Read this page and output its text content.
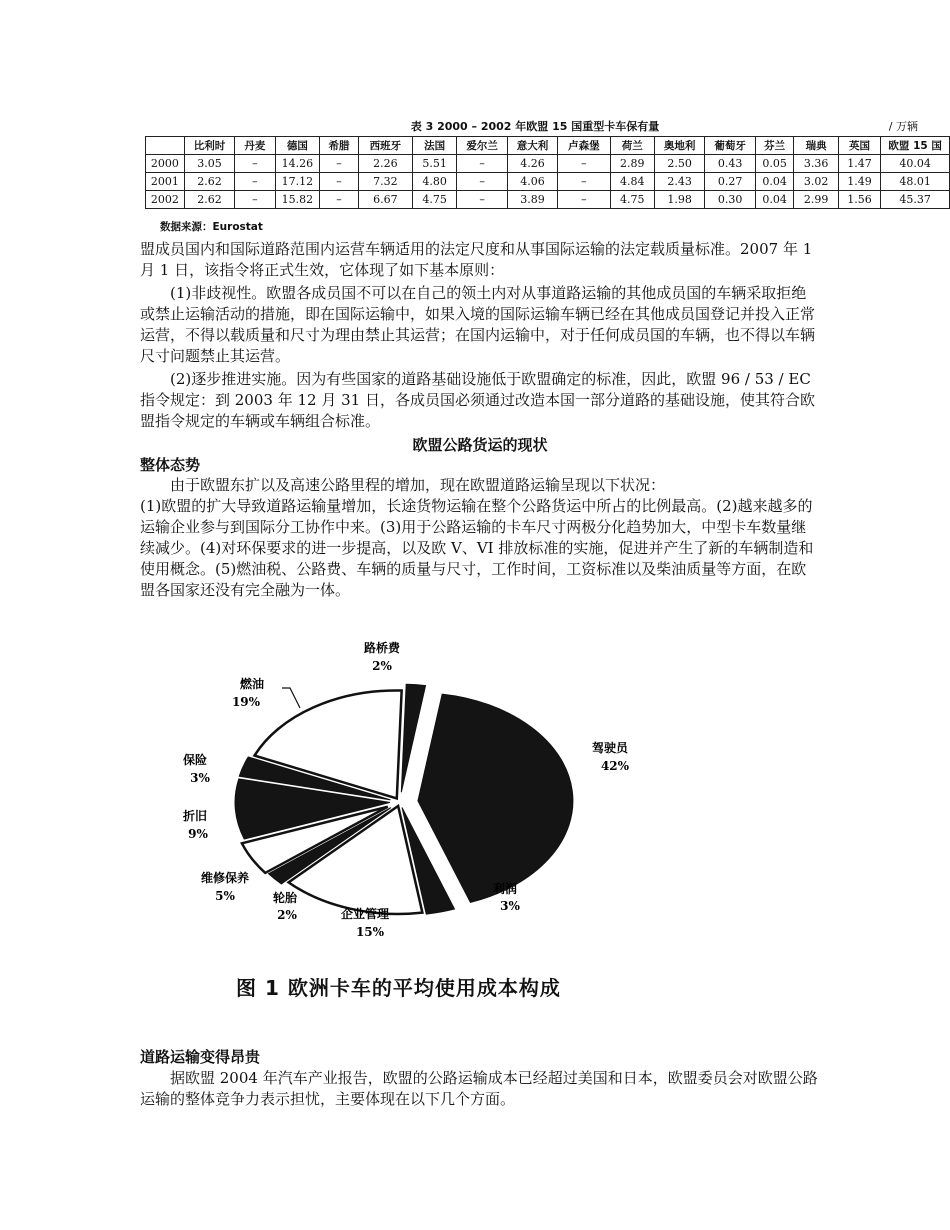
表 3 2000 – 2002 年欧盟 15 国重型卡车保有量	/ 万辆
	比利时	丹麦	德国	希腊	西班牙	法国	爱尔兰	意大利	卢森堡	荷兰	奥地利	葡萄牙	芬兰	瑞典	英国	欧盟 15 国
2000	3.05	–	14.26	–	2.26	5.51	–	4.26	–	2.89	2.50	0.43	0.05	3.36	1.47	40.04
2001	2.62	–	17.12	–	7.32	4.80	–	4.06	–	4.84	2.43	0.27	0.04	3.02	1.49	48.01
2002	2.62	–	15.82	–	6.67	4.75	–	3.89	–	4.75	1.98	0.30	0.04	2.99	1.56	45.37
数据来源：Eurostat

盟成员国内和国际道路范围内运营车辆适用的法定尺度和从事国际运输的法定载质量标准。2007 年 1 月 1 日，该指令将正式生效，它体现了如下基本原则：

(1)非歧视性。欧盟各成员国不可以在自己的领土内对从事道路运输的其他成员国的车辆采取拒绝或禁止运输活动的措施，即在国际运输中，如果入境的国际运输车辆已经在其他成员国登记并投入正常运营，不得以载质量和尺寸为理由禁止其运营；在国内运输中，对于任何成员国的车辆，也不得以车辆尺寸问题禁止其运营。

(2)逐步推进实施。因为有些国家的道路基础设施低于欧盟确定的标准，因此，欧盟 96 / 53 / EC 指令规定：到 2003 年 12 月 31 日，各成员国必须通过改造本国一部分道路的基础设施，使其符合欧盟指令规定的车辆或车辆组合标准。

欧盟公路货运的现状
整体态势

由于欧盟东扩以及高速公路里程的增加，现在欧盟道路运输呈现以下状况：

(1)欧盟的扩大导致道路运输量增加，长途货物运输在整个公路货运中所占的比例最高。(2)越来越多的运输企业参与到国际分工协作中来。(3)用于公路运输的卡车尺寸两极分化趋势加大，中型卡车数量继续减少。(4)对环保要求的进一步提高，以及欧 V、VI 排放标准的实施，促进并产生了新的车辆制造和使用概念。(5)燃油税、公路费、车辆的质量与尺寸，工作时间，工资标准以及柴油质量等方面，在欧盟各国家还没有完全融为一体。

驾驶员
42%
利润
3%
企业管理
15%
轮胎
2%
维修保养
5%
折旧
9%
保险
3%
燃油
19%
路桥费
2%
图 1 欧洲卡车的平均使用成本构成
道路运输变得昂贵

据欧盟 2004 年汽车产业报告，欧盟的公路运输成本已经超过美国和日本，欧盟委员会对欧盟公路运输的整体竞争力表示担忧，主要体现在以下几个方面。
